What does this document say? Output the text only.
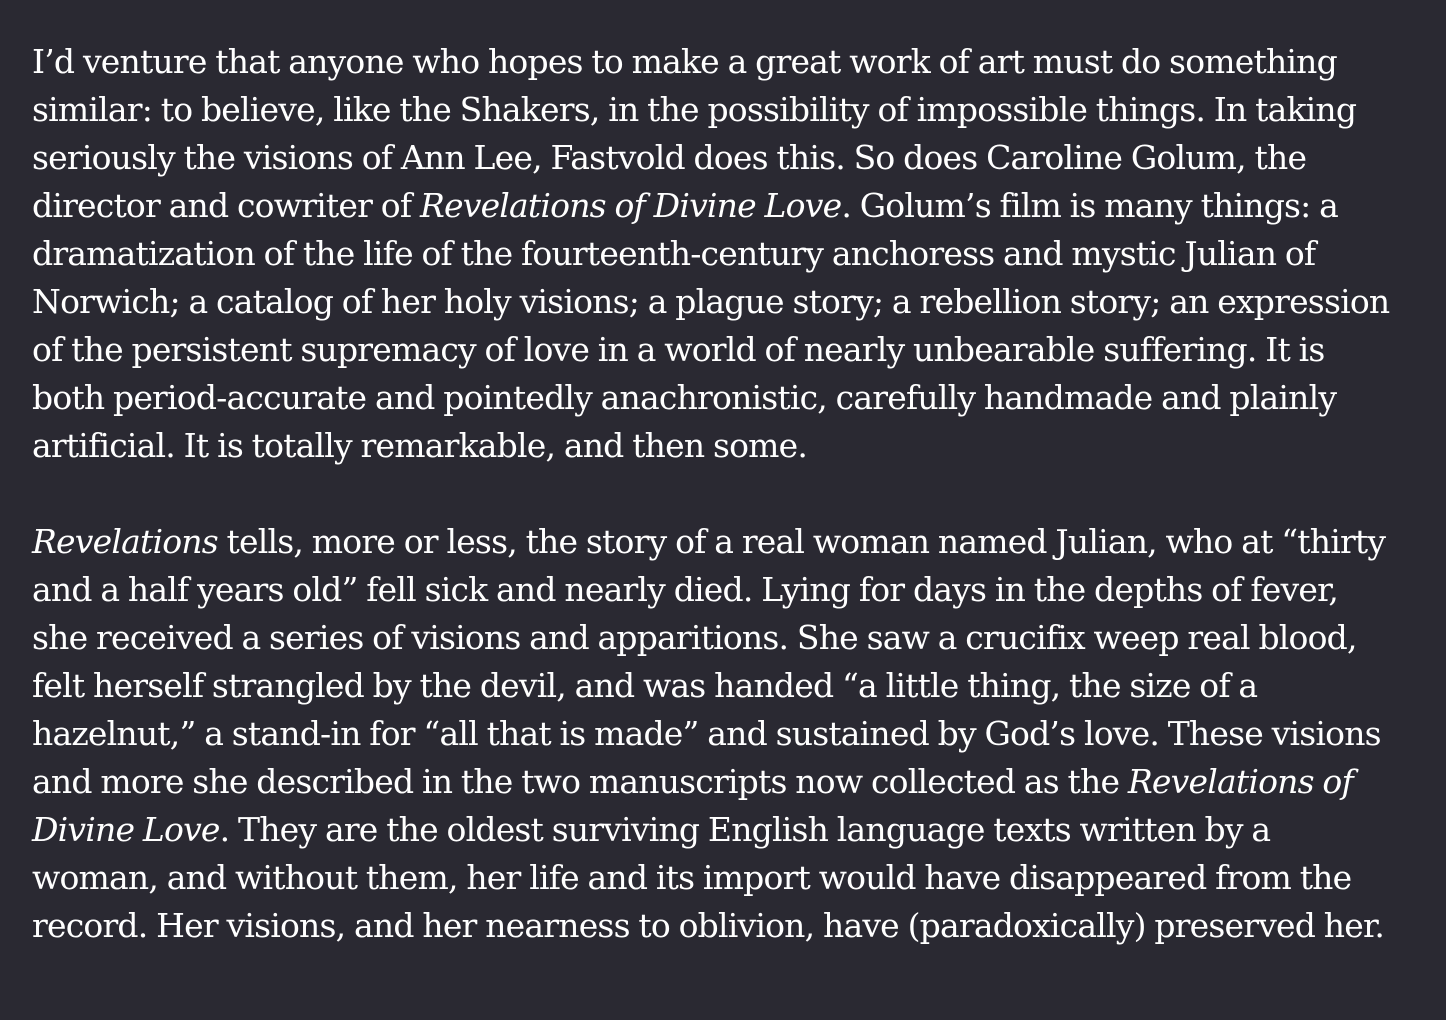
I’d venture that anyone who hopes to make a great work of art must do something similar: to believe, like the Shakers, in the possibility of impossible things. In taking seriously the visions of Ann Lee, Fastvold does this. So does Caroline Golum, the director and cowriter of Revelations of Divine Love. Golum’s film is many things: a dramatization of the life of the fourteenth-century anchoress and mystic Julian of Norwich; a catalog of her holy visions; a plague story; a rebellion story; an expression of the persistent supremacy of love in a world of nearly unbearable suffering. It is both period-accurate and pointedly anachronistic, carefully handmade and plainly artificial. It is totally remarkable, and then some.

Revelations tells, more or less, the story of a real woman named Julian, who at “thirty and a half years old” fell sick and nearly died. Lying for days in the depths of fever, she received a series of visions and apparitions. She saw a crucifix weep real blood, felt herself strangled by the devil, and was handed “a little thing, the size of a hazelnut,” a stand-in for “all that is made” and sustained by God’s love. These visions and more she described in the two manuscripts now collected as the Revelations of Divine Love. They are the oldest surviving English language texts written by a woman, and without them, her life and its import would have disappeared from the record. Her visions, and her nearness to oblivion, have (paradoxically) preserved her.
